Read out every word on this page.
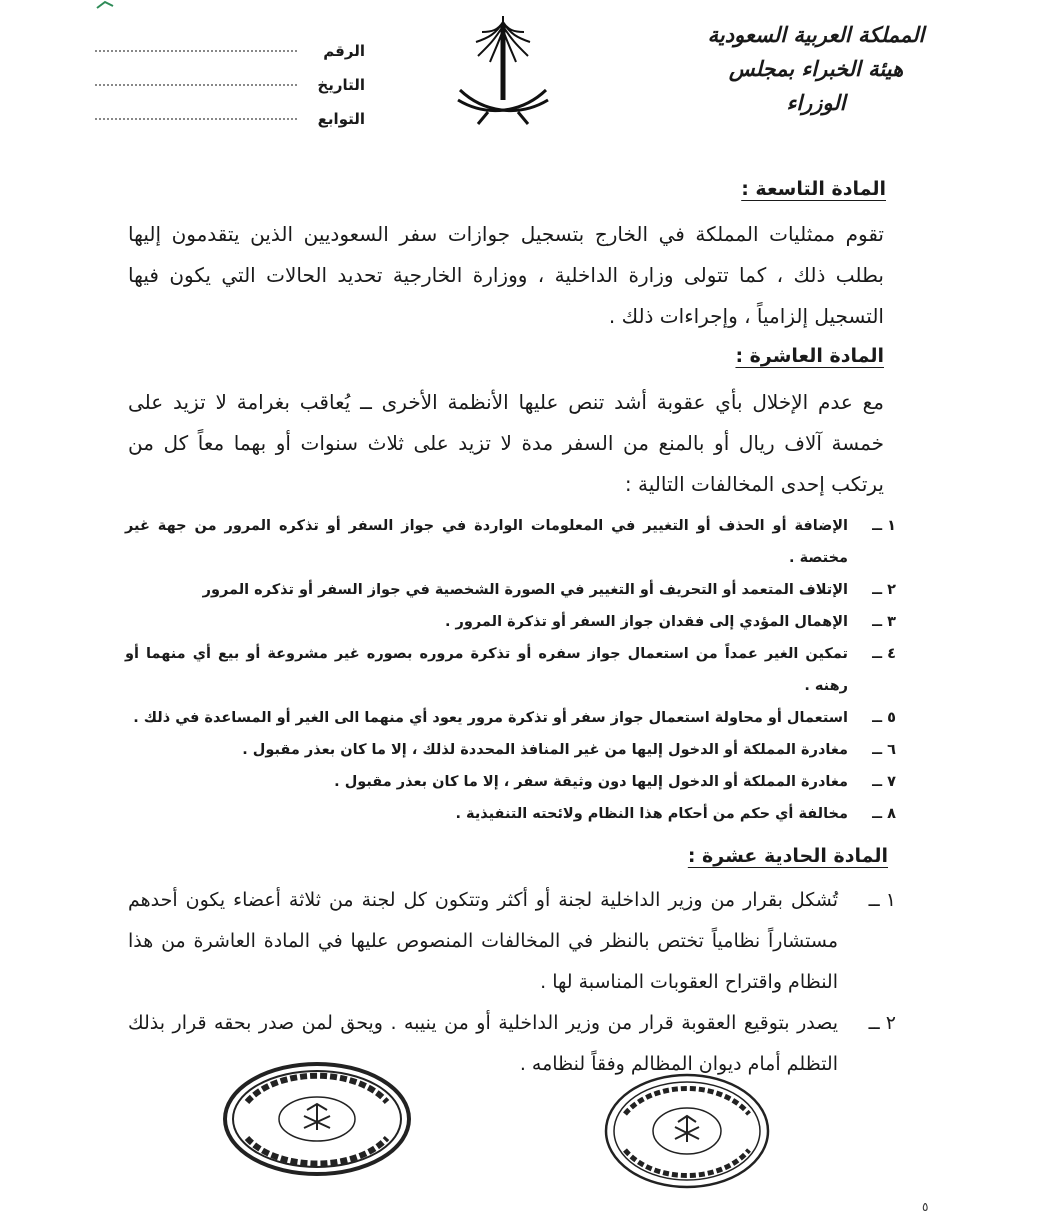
المملكة العربية السعودية
هيئة الخبراء بمجلس الوزراء
الرقم
التاريخ
التوابع
المادة التاسعة :
تقوم ممثليات المملكة في الخارج بتسجيل جوازات سفر السعوديين الذين يتقدمون إليها بطلب ذلك ، كما تتولى وزارة الداخلية ، ووزارة الخارجية تحديد الحالات التي يكون فيها التسجيل إلزامياً ، وإجراءات ذلك .
المادة العاشرة :
مع عدم الإخلال بأي عقوبة أشد تنص عليها الأنظمة الأخرى ــ يُعاقب بغرامة لا تزيد على خمسة آلاف ريال أو بالمنع من السفر مدة لا تزيد على ثلاث سنوات أو بهما معاً كل من يرتكب إحدى المخالفات التالية :
١ ــ
الإضافة أو الحذف أو التغيير في المعلومات الواردة في جواز السفر أو تذكره المرور من جهة غير مختصة .
٢ ــ
الإتلاف المتعمد أو التحريف أو التغيير في الصورة الشخصية في جواز السفر أو تذكره المرور
٣ ــ
الإهمال المؤدي إلى فقدان جواز السفر أو تذكرة المرور .
٤ ــ
تمكين الغير عمداً من استعمال جواز سفره أو تذكرة مروره بصوره غير مشروعة أو بيع أي منهما أو رهنه .
٥ ــ
استعمال أو محاولة استعمال جواز سفر أو تذكرة مرور يعود أي منهما الى الغير أو المساعدة في ذلك .
٦ ــ
مغادرة المملكة أو الدخول إليها من غير المنافذ المحددة لذلك ، إلا ما كان بعذر مقبول .
٧ ــ
مغادرة المملكة أو الدخول إليها دون وثيقة سفر ، إلا ما كان بعذر مقبول .
٨ ــ
مخالفة أي حكم من أحكام هذا النظام ولائحته التنفيذية .
المادة الحادية عشرة :
١ ــ
تُشكل بقرار من وزير الداخلية لجنة أو أكثر وتتكون كل لجنة من ثلاثة أعضاء يكون أحدهم مستشاراً نظامياً تختص بالنظر في المخالفات المنصوص عليها في المادة العاشرة من هذا النظام واقتراح العقوبات المناسبة لها .
٢ ــ
يصدر بتوقيع العقوبة قرار من وزير الداخلية أو من ينيبه . ويحق لمن صدر بحقه قرار بذلك التظلم أمام ديوان المظالم وفقاً لنظامه .
٥
